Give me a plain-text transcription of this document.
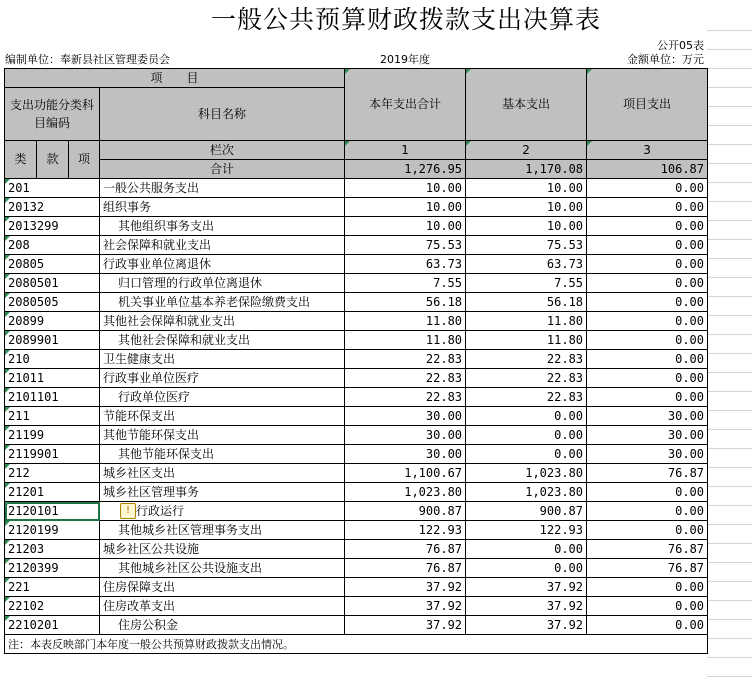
一般公共预算财政拨款支出决算表
公开05表
编制单位：奉新县社区管理委员会	2019年度	金额单位：万元
项　　目				本年支出合计	基本支出	项目支出
支出功能分类科目编码			科目名称			
类	款	项				
			栏次	1	2	3
			合计	1,276.95	1,170.08	106.87
201			一般公共服务支出	10.00	10.00	0.00
20132			组织事务	10.00	10.00	0.00
2013299			其他组织事务支出	10.00	10.00	0.00
208			社会保障和就业支出	75.53	75.53	0.00
20805			行政事业单位离退休	63.73	63.73	0.00
2080501			归口管理的行政单位离退休	7.55	7.55	0.00
2080505			机关事业单位基本养老保险缴费支出	56.18	56.18	0.00
20899			其他社会保障和就业支出	11.80	11.80	0.00
2089901			其他社会保障和就业支出	11.80	11.80	0.00
210			卫生健康支出	22.83	22.83	0.00
21011			行政事业单位医疗	22.83	22.83	0.00
2101101			行政单位医疗	22.83	22.83	0.00
211			节能环保支出	30.00	0.00	30.00
21199			其他节能环保支出	30.00	0.00	30.00
2119901			其他节能环保支出	30.00	0.00	30.00
212			城乡社区支出	1,100.67	1,023.80	76.87
21201			城乡社区管理事务	1,023.80	1,023.80	0.00
2120101			! 行政运行	900.87	900.87	0.00
2120199			其他城乡社区管理事务支出	122.93	122.93	0.00
21203			城乡社区公共设施	76.87	0.00	76.87
2120399			其他城乡社区公共设施支出	76.87	0.00	76.87
221			住房保障支出	37.92	37.92	0.00
22102			住房改革支出	37.92	37.92	0.00
2210201			住房公积金	37.92	37.92	0.00
注：本表反映部门本年度一般公共预算财政拨款支出情况。						
